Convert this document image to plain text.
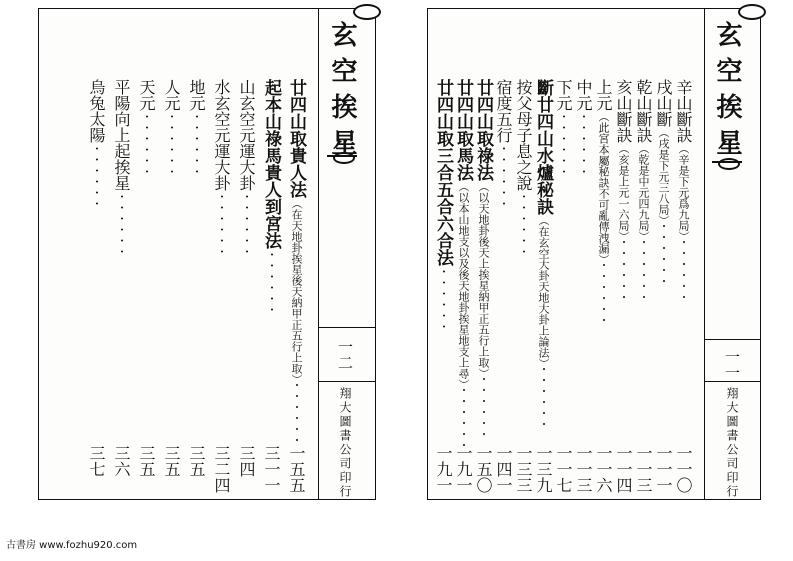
玄空挨星
一二
翔大圖書公司印行
廿四山取貴人法（在天地卦挨星後天納甲正五行上取）・・・・・・
一五五
起本山祿馬貴人到宮法・・・・・・
三一一
山玄空元運大卦・・・・・・
三四
水玄空元運大卦・・・・・・
三二四
地元・・・・・・
三五
人元・・・・・・
三五
天元・・・・・・
三五
平陽向上起挨星・・・・・・
三六
烏兔太陽・・・・・・
三七
玄空挨星
一一
翔大圖書公司印行
辛山斷訣（辛是下元爲九局）・・・・・・
一一〇
戌山斷（戌是下元三八局）・・・・・・
一一一
乾山斷訣（乾是中元四九局）・・・・・・
一一三
亥山斷訣（亥是上元一六局）・・・・・・
一一四
上元（此宮本屬秘訣不可亂傳洩漏）・・・・・・
一一六
中元・・・・・・
一一三
下元・・・・・・
一一七
斷廿四山水爐秘訣（在玄空大卦天地大卦上論法）・・・・・・
一三九
按父母子息之說・・・・・・
一三三
宿度五行・・・・・・
一四一
廿四山取祿法（以天地卦後天上挨星納甲正五行上取）・・・・・・
一五〇
廿四山取馬法（以本山地支以及後天地卦挨星地支上尋）・・・・・・
一九一
廿四山取三合五合六合法・・・・・・
一九一
古書房 www.fozhu920.com
